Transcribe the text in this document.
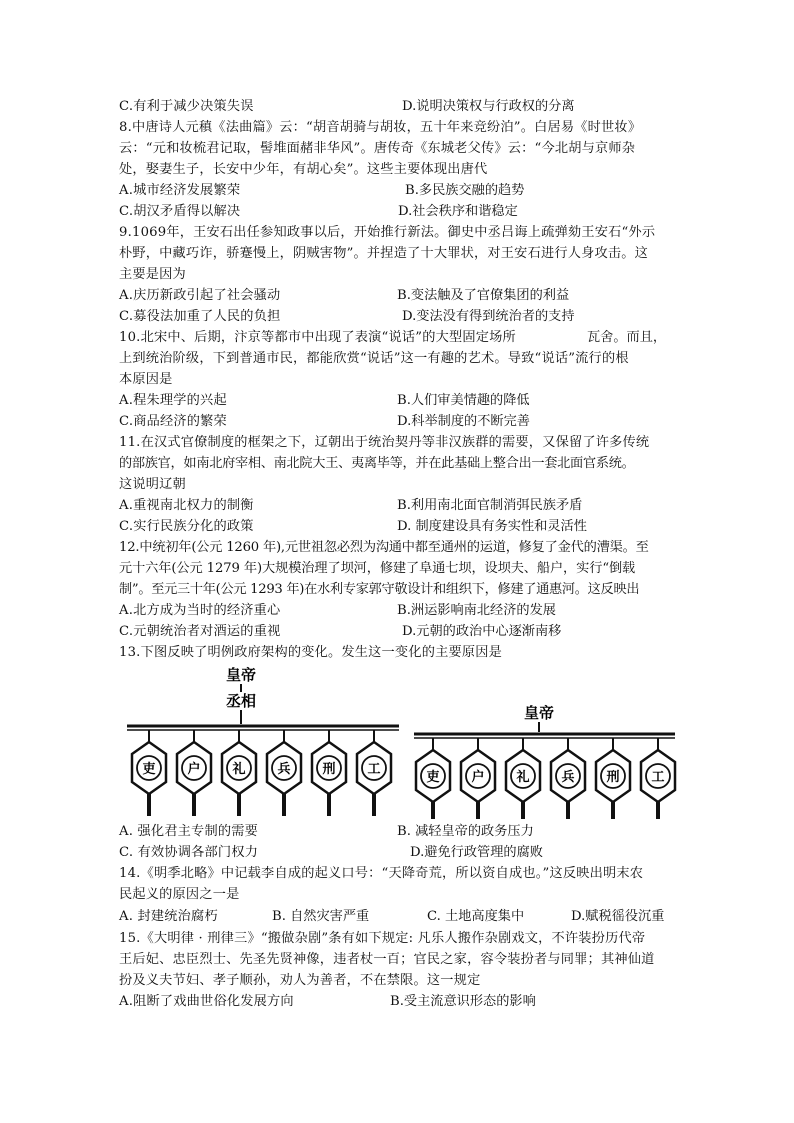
C.有利于减少决策失误	D.说明决策权与行政权的分离
8.中唐诗人元稹《法曲篇》云：“胡音胡骑与胡妆，五十年来竞纷泊”。白居易《时世妆》
云：“元和妆梳君记取，髻堆面赭非华风”。唐传奇《东城老父传》云：“今北胡与京师杂
处，娶妻生子，长安中少年，有胡心矣”。这些主要体现出唐代
A.城市经济发展繁荣	B.多民族交融的趋势
C.胡汉矛盾得以解决	D.社会秩序和谐稳定
9.1069年，王安石出任参知政事以后，开始推行新法。御史中丞吕诲上疏弹劾王安石“外示
朴野，中藏巧诈，骄蹇慢上，阴贼害物”。并捏造了十大罪状，对王安石进行人身攻击。这
主要是因为
A.庆历新政引起了社会骚动	B.变法触及了官僚集团的利益
C.募役法加重了人民的负担	D.变法没有得到统治者的支持
10.北宋中、后期，汴京等都市中出现了表演“说话”的大型固定场所	瓦舍。而且，
上到统治阶级，下到普通市民，都能欣赏“说话”这一有趣的艺术。导致“说话”流行的根
本原因是
A.程朱理学的兴起	B.人们审美情趣的降低
C.商品经济的繁荣	D.科举制度的不断完善
11.在汉式官僚制度的框架之下，辽朝出于统治契丹等非汉族群的需要，又保留了许多传统
的部族官，如南北府宰相、南北院大王、夷离毕等，并在此基础上整合出一套北面官系统。
这说明辽朝
A.重视南北权力的制衡	B.利用南北面官制消弭民族矛盾
C.实行民族分化的政策	D. 制度建设具有务实性和灵活性
12.中统初年(公元 1260 年),元世祖忽必烈为沟通中都至通州的运道，修复了金代的漕渠。至
元十六年(公元 1279 年)大规模治理了坝河，修建了阜通七坝，设坝夫、船户，实行“倒载
制”。至元三十年(公元 1293 年)在水利专家郭守敬设计和组织下，修建了通惠河。这反映出
A.北方成为当时的经济重心	B.洲运影响南北经济的发展
C.元朝统治者对酒运的重视	D.元朝的政治中心逐渐南移
13.下图反映了明例政府架构的变化。发生这一变化的主要原因是
皇帝
丞相
皇帝
吏 户 礼 兵 刑 工
吏 户 礼 兵 刑 工
A. 强化君主专制的需要	B. 减轻皇帝的政务压力
C. 有效协调各部门权力	D.避免行政管理的腐败
14.《明季北略》中记载李自成的起义口号：“天降奇荒，所以资自成也。”这反映出明末农
民起义的原因之一是
A. 封建统治腐朽	B. 自然灾害严重	C. 土地高度集中	D.赋税徭役沉重
15.《大明律 · 刑律三》“搬做杂剧”条有如下规定: 凡乐人搬作杂剧戏文，不许装扮历代帝
王后妃、忠臣烈士、先圣先贤神像，违者杖一百；官民之家，容令装扮者与同罪；其神仙道
扮及义夫节妇、孝子顺孙，劝人为善者，不在禁限。这一规定
A.阻断了戏曲世俗化发展方向	B.受主流意识形态的影响
